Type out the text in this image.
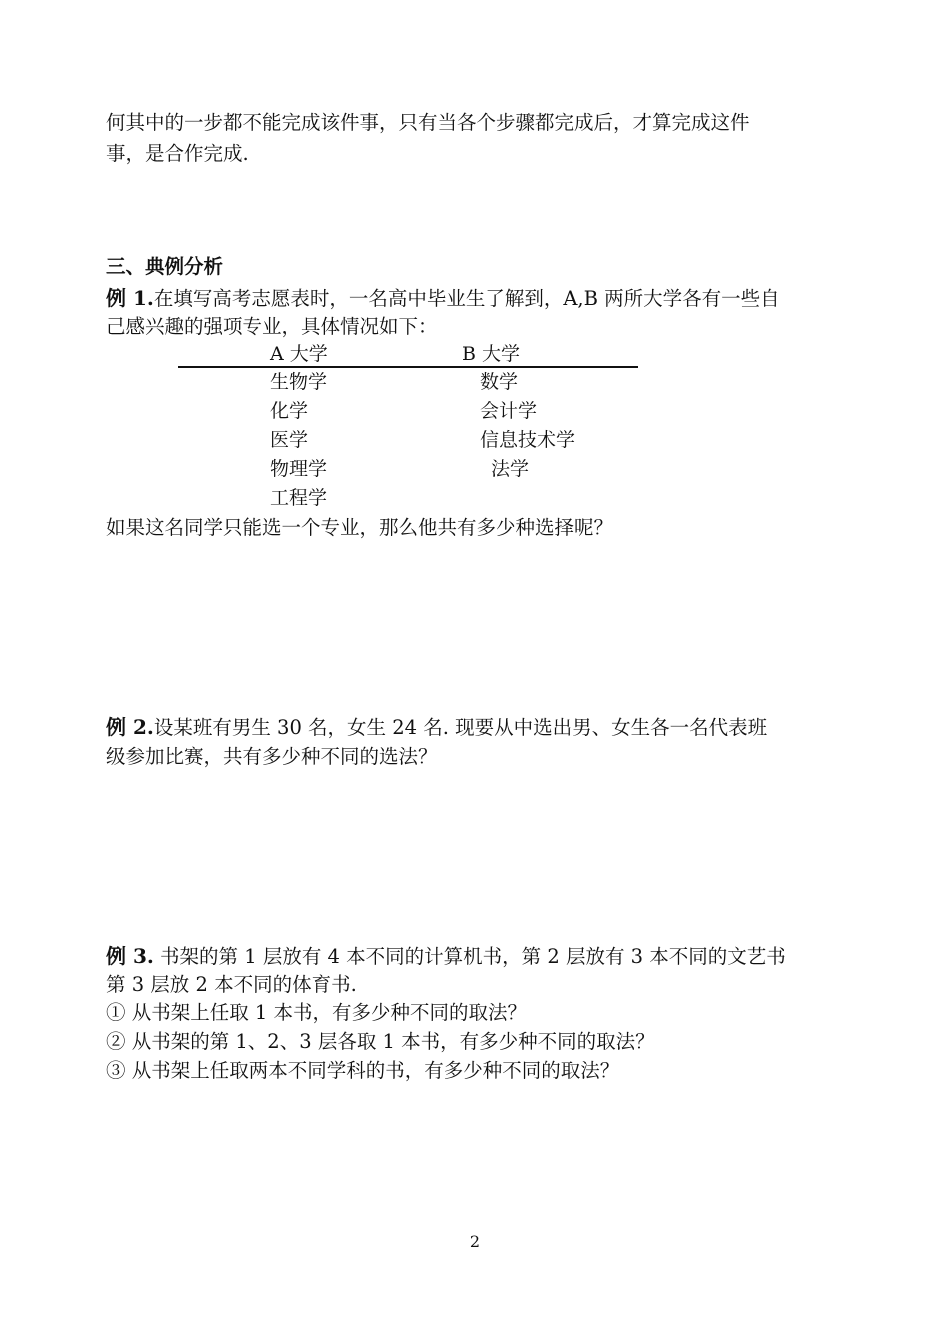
何其中的一步都不能完成该件事，只有当各个步骤都完成后，才算完成这件
事，是合作完成.
三、典例分析
例 1.在填写高考志愿表时，一名高中毕业生了解到，A,B 两所大学各有一些自
己感兴趣的强项专业，具体情况如下：
A 大学	B 大学
生物学
化学
医学
物理学
工程学
数学
会计学
信息技术学
法学
如果这名同学只能选一个专业，那么他共有多少种选择呢？
例 2.设某班有男生 30 名，女生 24 名. 现要从中选出男、女生各一名代表班
级参加比赛，共有多少种不同的选法？
例 3. 书架的第 1 层放有 4 本不同的计算机书，第 2 层放有 3 本不同的文艺书
第 3 层放 2 本不同的体育书.
① 从书架上任取 1 本书，有多少种不同的取法？
② 从书架的第 1、2、3 层各取 1 本书，有多少种不同的取法？
③ 从书架上任取两本不同学科的书，有多少种不同的取法？
2
